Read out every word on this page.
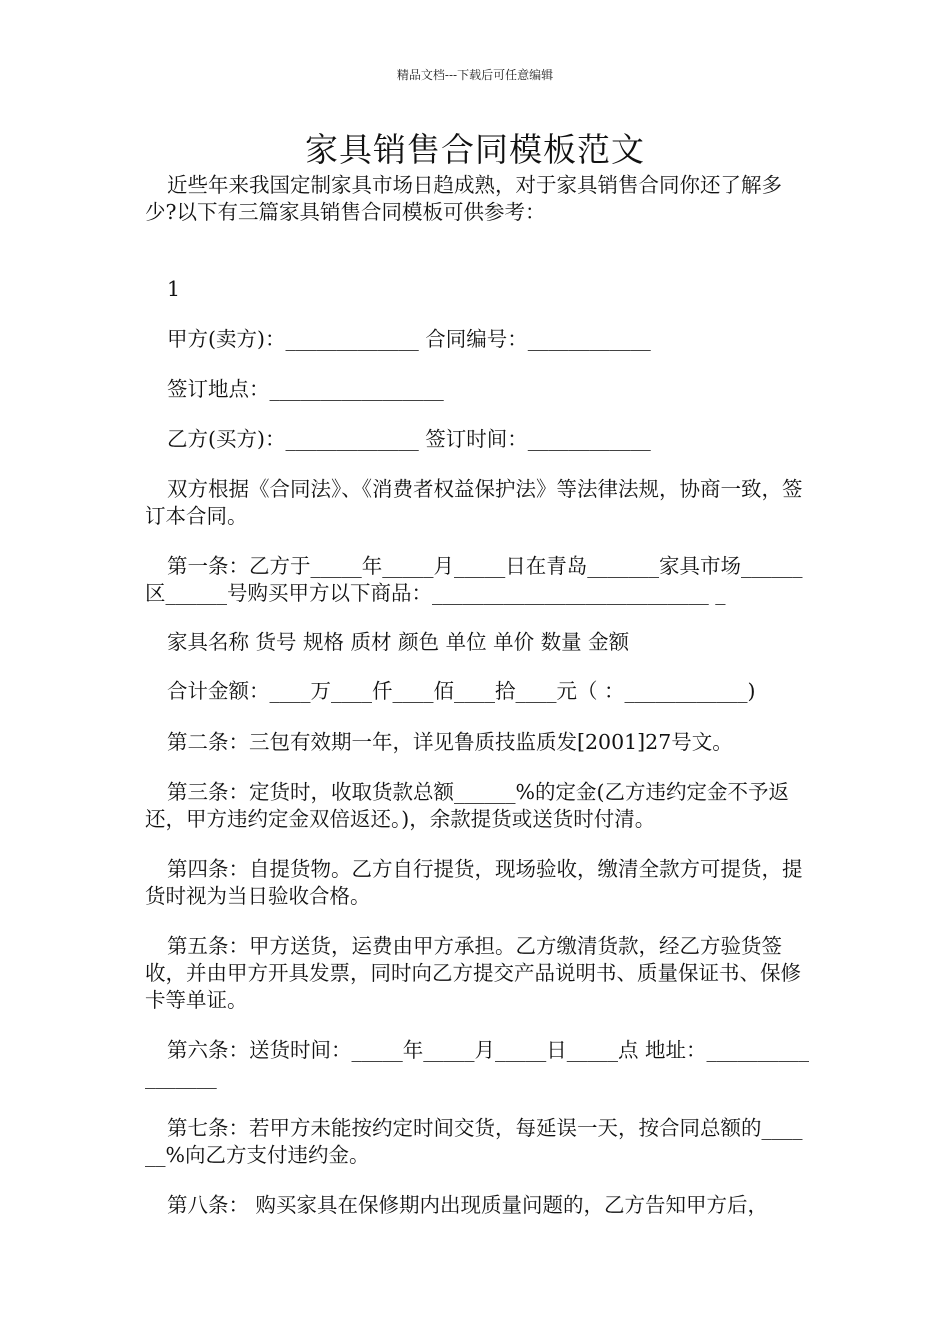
精品文档---下载后可任意编辑
家具销售合同模板范文

近些年来我国定制家具市场日趋成熟，对于家具销售合同你还了解多少?以下有三篇家具销售合同模板可供参考：

1

甲方(卖方)：_____________ 合同编号：____________

签订地点：_________________

乙方(买方)：_____________ 签订时间：____________

双方根据《合同法》、《消费者权益保护法》等法律法规，协商一致，签订本合同。

第一条：乙方于_____年_____月_____日在青岛_______家具市场______区______号购买甲方以下商品：___________________________ _

家具名称 货号 规格 质材 颜色 单位 单价 数量 金额

合计金额：____万____仟____佰____拾____元（ ：____________)

第二条：三包有效期一年，详见鲁质技监质发[2001]27号文。

第三条：定货时，收取货款总额______%的定金(乙方违约定金不予返还，甲方违约定金双倍返还。)，余款提货或送货时付清。

第四条：自提货物。乙方自行提货，现场验收，缴清全款方可提货，提货时视为当日验收合格。

第五条：甲方送货，运费由甲方承担。乙方缴清货款，经乙方验货签收，并由甲方开具发票，同时向乙方提交产品说明书、质量保证书、保修卡等单证。

第六条：送货时间：_____年_____月_____日_____点 地址：_________________

第七条：若甲方未能按约定时间交货，每延误一天，按合同总额的______%向乙方支付违约金。

第八条： 购买家具在保修期内出现质量问题的，乙方告知甲方后，
